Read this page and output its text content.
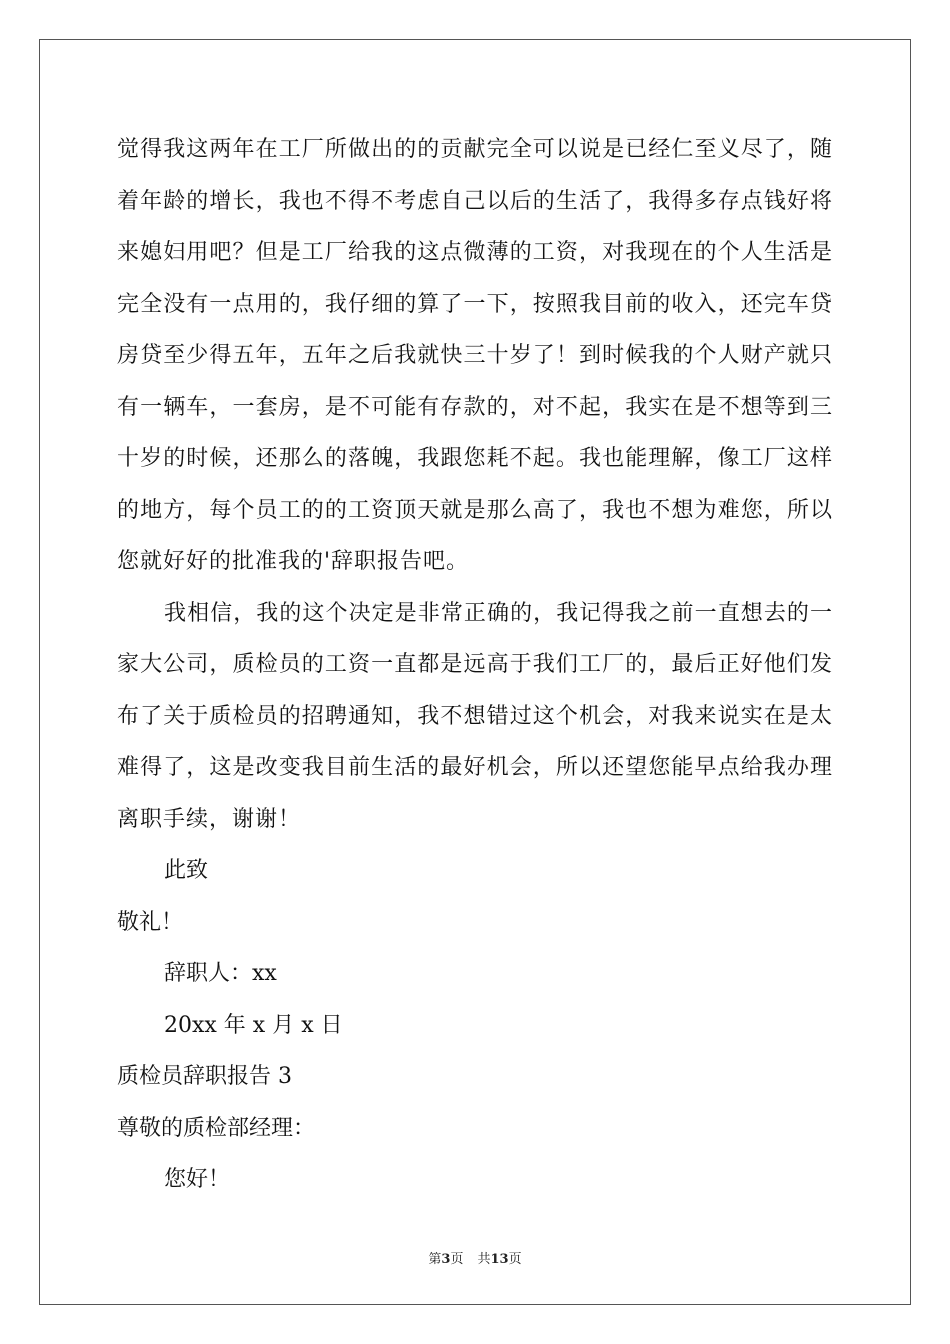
觉得我这两年在工厂所做出的的贡献完全可以说是已经仁至义尽了，随着年龄的增长，我也不得不考虑自己以后的生活了，我得多存点钱好将来媳妇用吧？但是工厂给我的这点微薄的工资，对我现在的个人生活是完全没有一点用的，我仔细的算了一下，按照我目前的收入，还完车贷房贷至少得五年，五年之后我就快三十岁了！到时候我的个人财产就只有一辆车，一套房，是不可能有存款的，对不起，我实在是不想等到三十岁的时候，还那么的落魄，我跟您耗不起。我也能理解，像工厂这样的地方，每个员工的的工资顶天就是那么高了，我也不想为难您，所以您就好好的批准我的'辞职报告吧。

我相信，我的这个决定是非常正确的，我记得我之前一直想去的一家大公司，质检员的工资一直都是远高于我们工厂的，最后正好他们发布了关于质检员的招聘通知，我不想错过这个机会，对我来说实在是太难得了，这是改变我目前生活的最好机会，所以还望您能早点给我办理离职手续，谢谢！

此致

敬礼！

辞职人：xx

20xx 年 x 月 x 日

质检员辞职报告 3

尊敬的质检部经理：

您好！

第3页 共13页
